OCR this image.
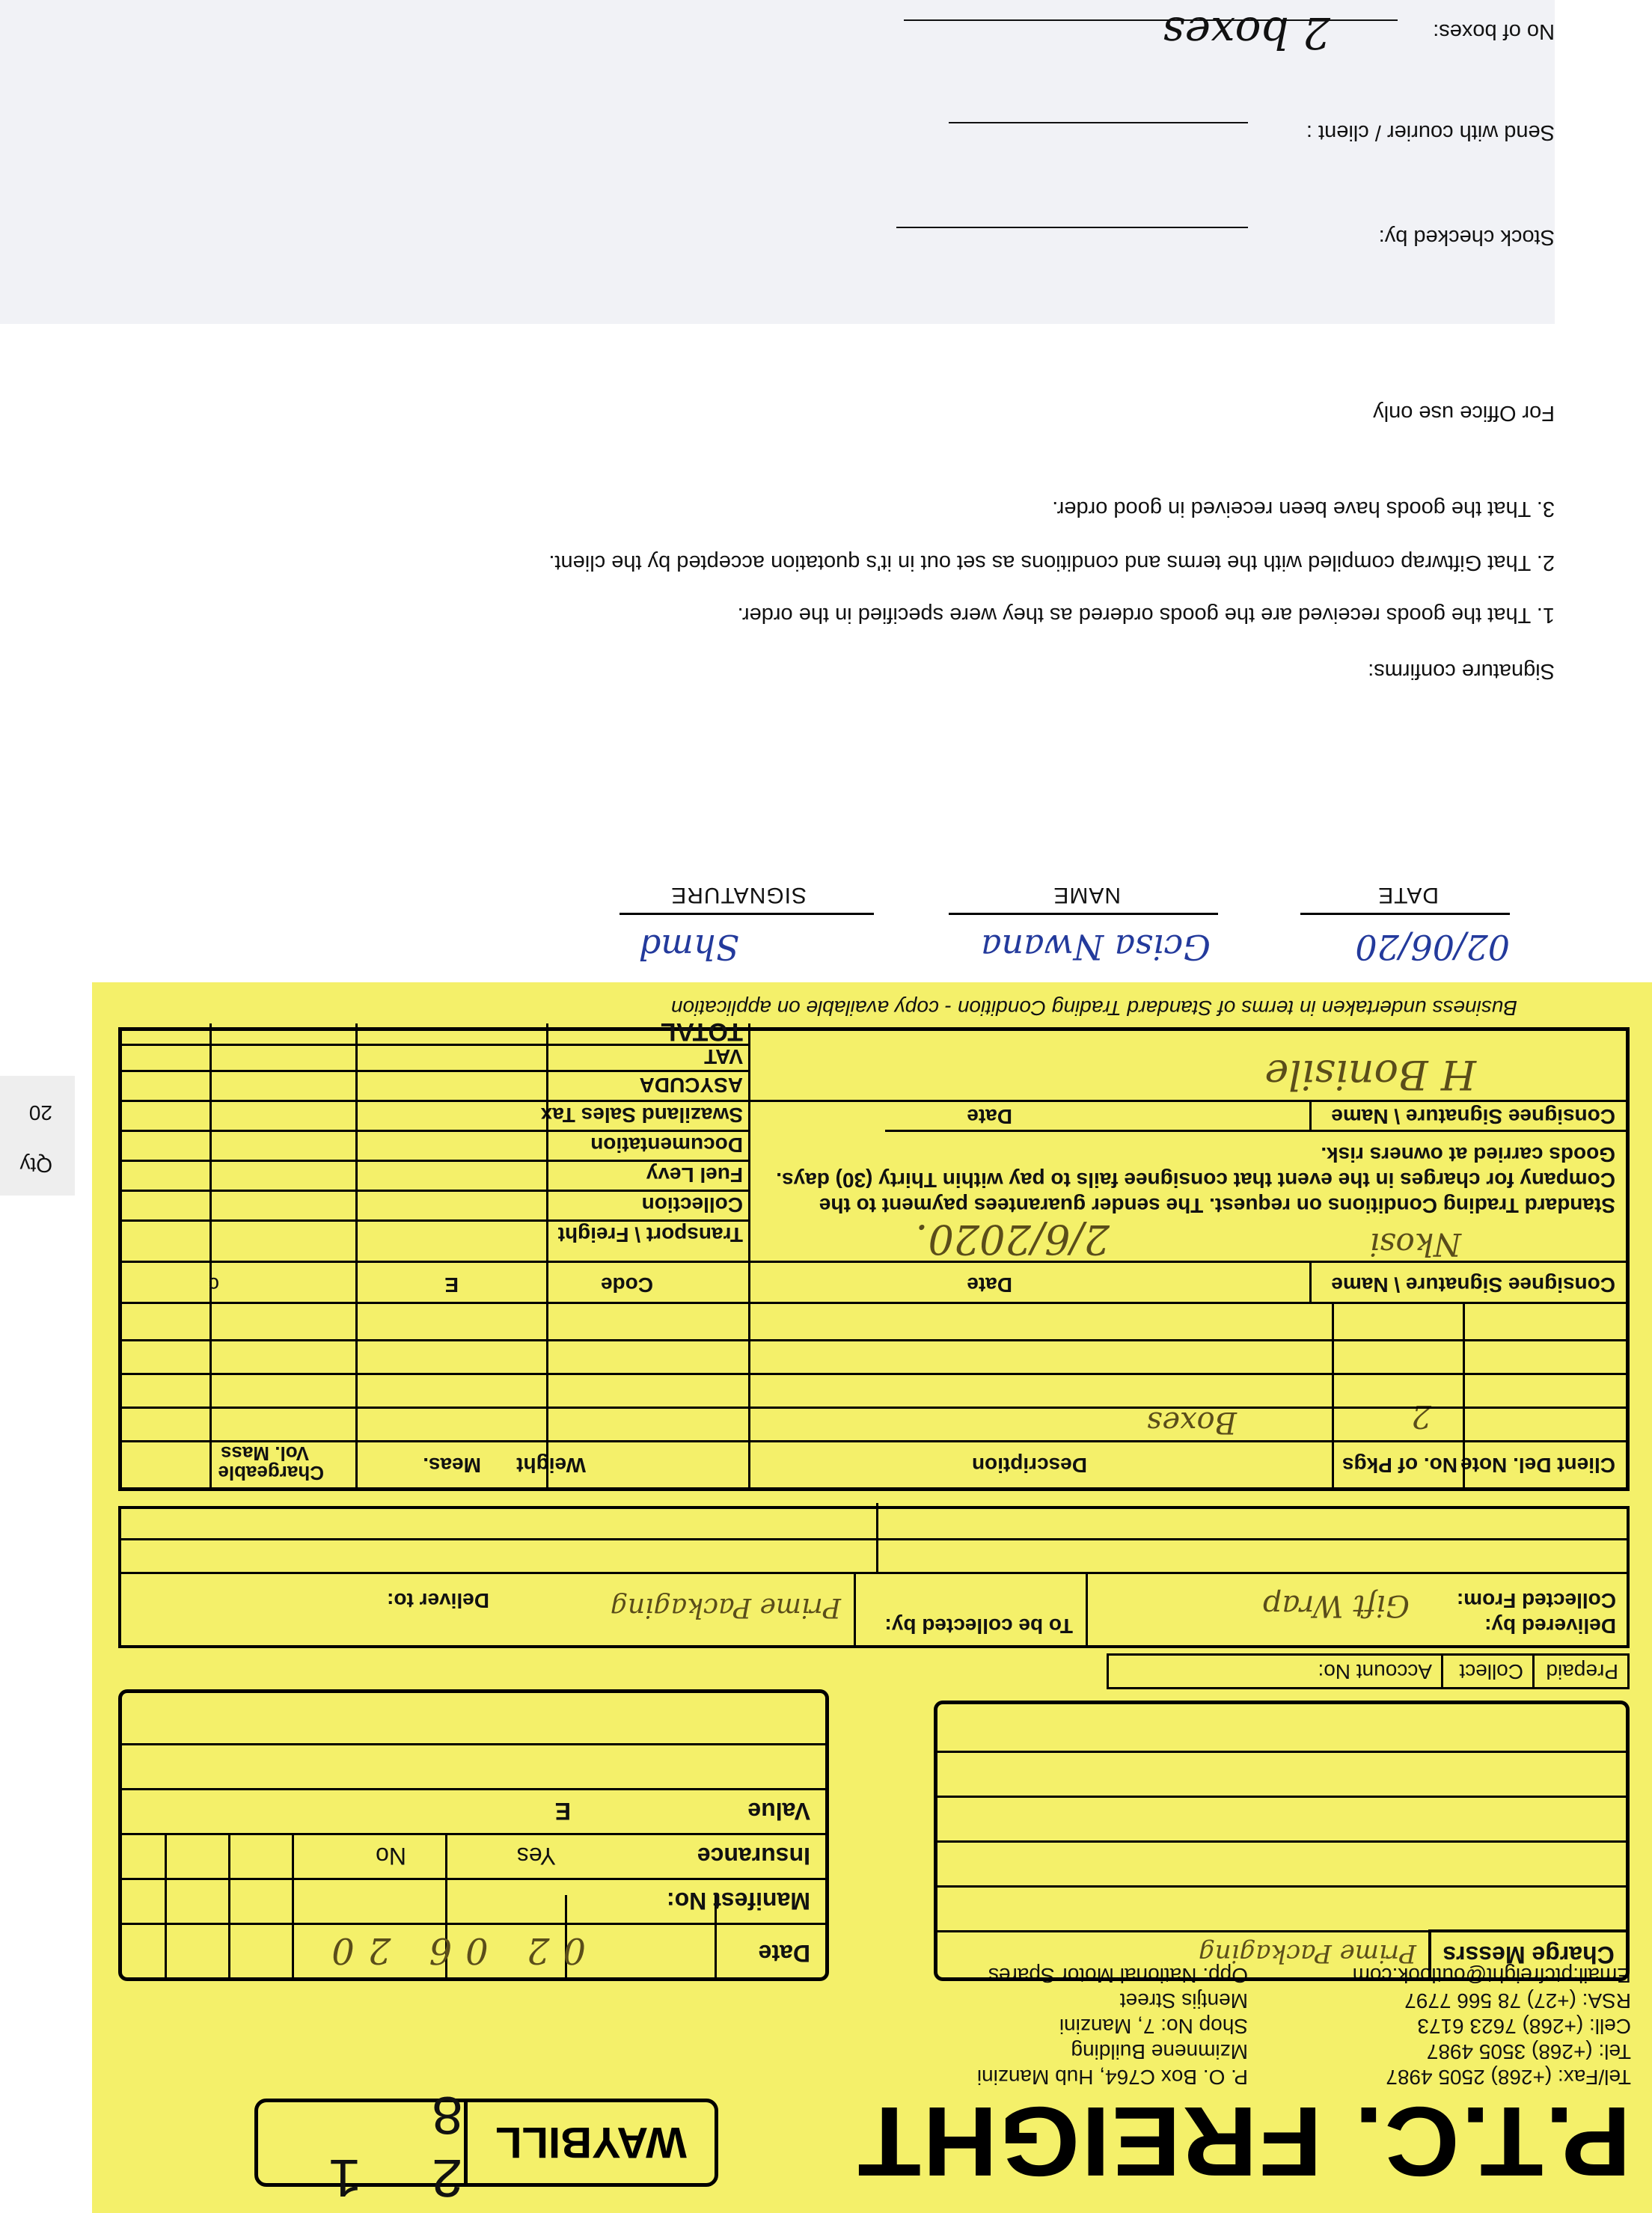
P.T.C. FREIGHT
WAYBILL
2 1 8
Tel/Fax: (+268) 2505 4987
Tel: (+268) 3505 4987
Cell: (+268) 7623 6173
RSA: (+27) 78 566 7797
Email:ptcfreight@outlook.com
P. O. Box C764, Hub Manzini
Mzimnene Building
Shop No: 7, Manzini
Mentjis Street
Opp. National Motor Spares
Charge Messrs
Prime Packaging
Date
02 06 20
Manifest No:
Insurance
Yes
No
Value
E
Prepaid
Collect
Account No:
Delivered by:
Collected From:
Gift Wrap
To be collected by:
Prime Packaging
Deliver to:
Client Del. Note
No. of Pkgs
Description
Weight
Meas.
Chargeable
Vol. Mass
2
Boxes
Consignee Signature \ Name
Date
Code
E
c
Nkosi
2/6/2020.
Transport \ Freight
Collection
Fuel Levy
Documentation
Swaziland Sales Tax
ASYCUDA
VAT
TOTAL
Standard Trading Conditions on request. The sender guarantees payment to the Company for charges in the event that consignee fails to pay within Thirty (30) days. Goods carried at owners risk.
Consignee Signature \ Name
Date
H Bonisile
Business undertaken in terms of Standard Trading Condition - copy available on application
02/06/20
Gcisa Nwana
Shmd
DATE
NAME
SIGNATURE
Signature confirms:
1. That the goods received are the goods ordered as they were specified in the order.
2. That Giftwrap compiled with the terms and conditions as set out in it's quotation accepted by the client.
3. That the goods have been received in good order.
For Office use only
Stock checked by:
Send with courier / client :
No of boxes:
2 boxes
Qty
20
